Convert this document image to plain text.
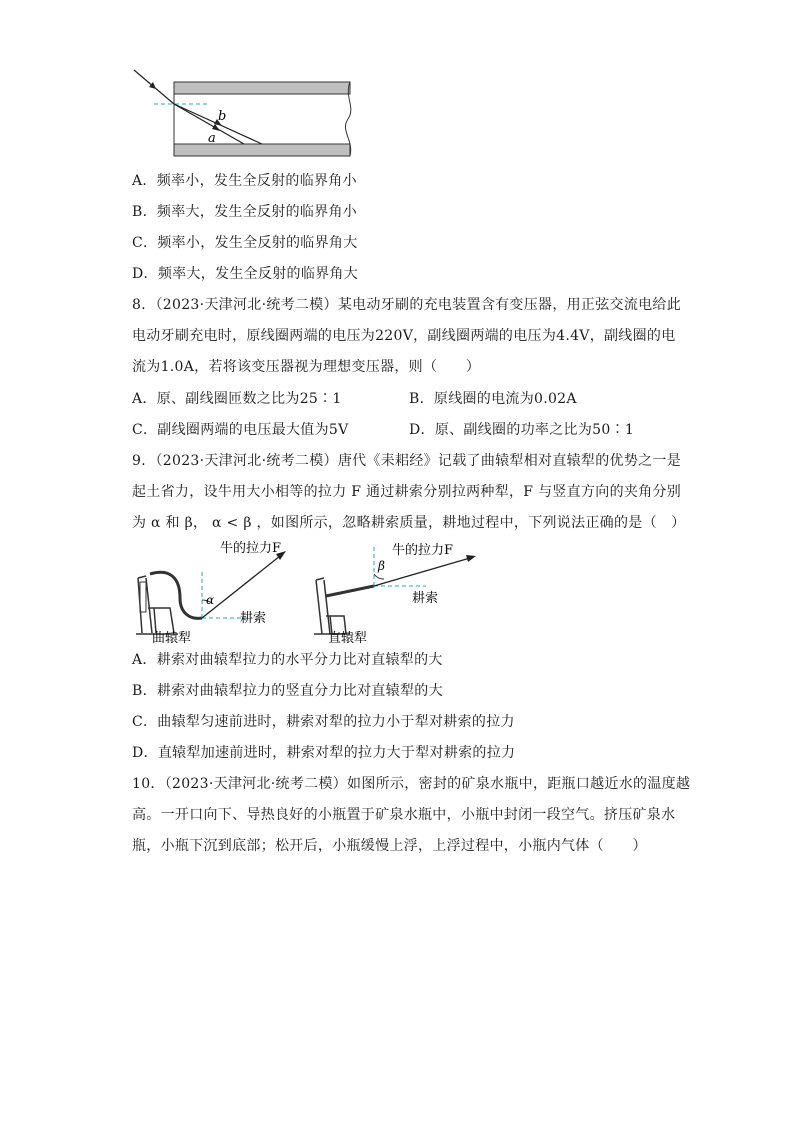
b
a
A．频率小，发生全反射的临界角小
B．频率大，发生全反射的临界角小
C．频率小，发生全反射的临界角大
D．频率大，发生全反射的临界角大
8．（2023·天津河北·统考二模）某电动牙刷的充电装置含有变压器，用正弦交流电给此
电动牙刷充电时，原线圈两端的电压为220V，副线圈两端的电压为4.4V，副线圈的电
流为1.0A，若将该变压器视为理想变压器，则（　　）
A．原、副线圈匝数之比为25∶1	B．原线圈的电流为0.02A
C．副线圈两端的电压最大值为5V	D．原、副线圈的功率之比为50∶1
9．（2023·天津河北·统考二模）唐代《耒耜经》记载了曲辕犁相对直辕犁的优势之一是
起土省力，设牛用大小相等的拉力 F 通过耕索分别拉两种犁，F 与竖直方向的夹角分别
为 α 和 β， α < β ，如图所示，忽略耕索质量，耕地过程中，下列说法正确的是（　）
α
牛的拉力F
耕索
曲辕犁
β
牛的拉力F
耕索
直辕犁
A．耕索对曲辕犁拉力的水平分力比对直辕犁的大
B．耕索对曲辕犁拉力的竖直分力比对直辕犁的大
C．曲辕犁匀速前进时，耕索对犁的拉力小于犁对耕索的拉力
D．直辕犁加速前进时，耕索对犁的拉力大于犁对耕索的拉力
10．（2023·天津河北·统考二模）如图所示，密封的矿泉水瓶中，距瓶口越近水的温度越
高。一开口向下、导热良好的小瓶置于矿泉水瓶中，小瓶中封闭一段空气。挤压矿泉水
瓶，小瓶下沉到底部；松开后，小瓶缓慢上浮，上浮过程中，小瓶内气体（　　）
